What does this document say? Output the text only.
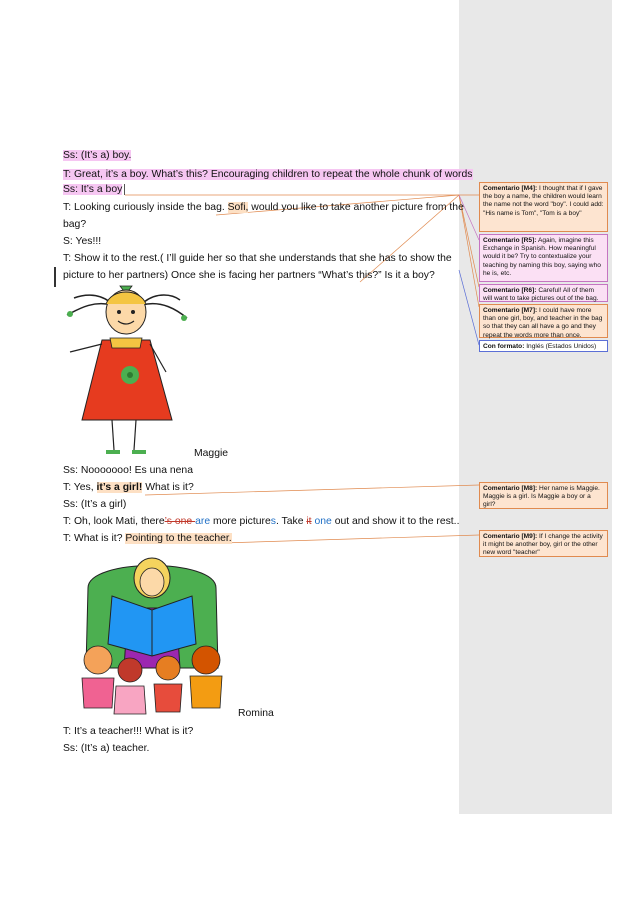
Ss: (It’s a) boy.
T: Great, it’s a boy. What’s this? Encouraging children to repeat the whole chunk of words
Ss: It’s a boy
T: Looking curiously inside the bag. Sofi, would you like to take another picture from the
bag?
S: Yes!!!
T: Show it to the rest.( I’ll guide her so that she understands that she has to show the
picture to her partners) Once she is facing her partners “What’s this?” Is it a boy?
Maggie
Ss: Nooooooo! Es una nena
T: Yes, it’s a girl! What is it?
Ss: (It’s a girl)
T: Oh, look Mati, there’s one are more pictures. Take it one out and show it to the rest..
T: What is it? Pointing to the teacher.
Romina
T: It’s a teacher!!! What is it?
Ss: (It’s a) teacher.
Comentario [M4]: I thought that if I gave the boy a name, the children would learn the name not the word "boy". I could add: "His name is Tom", "Tom is a boy"
Comentario [R5]: Again, imagine this Exchange in Spanish. How meaningful would it be? Try to contextualize your teaching by naming this boy, saying who he is, etc.
Comentario [R6]: Careful! All of them will want to take pictures out of the bag.
Comentario [M7]: I could have more than one girl, boy, and teacher in the bag so that they can all have a go and they repeat the words more than once.
Con formato: Inglés (Estados Unidos)
Comentario [M8]: Her name is Maggie. Maggie is a girl. Is Maggie a boy or a girl?
Comentario [M9]: If I change the activity it might be another boy, girl or the other new word "teacher"
